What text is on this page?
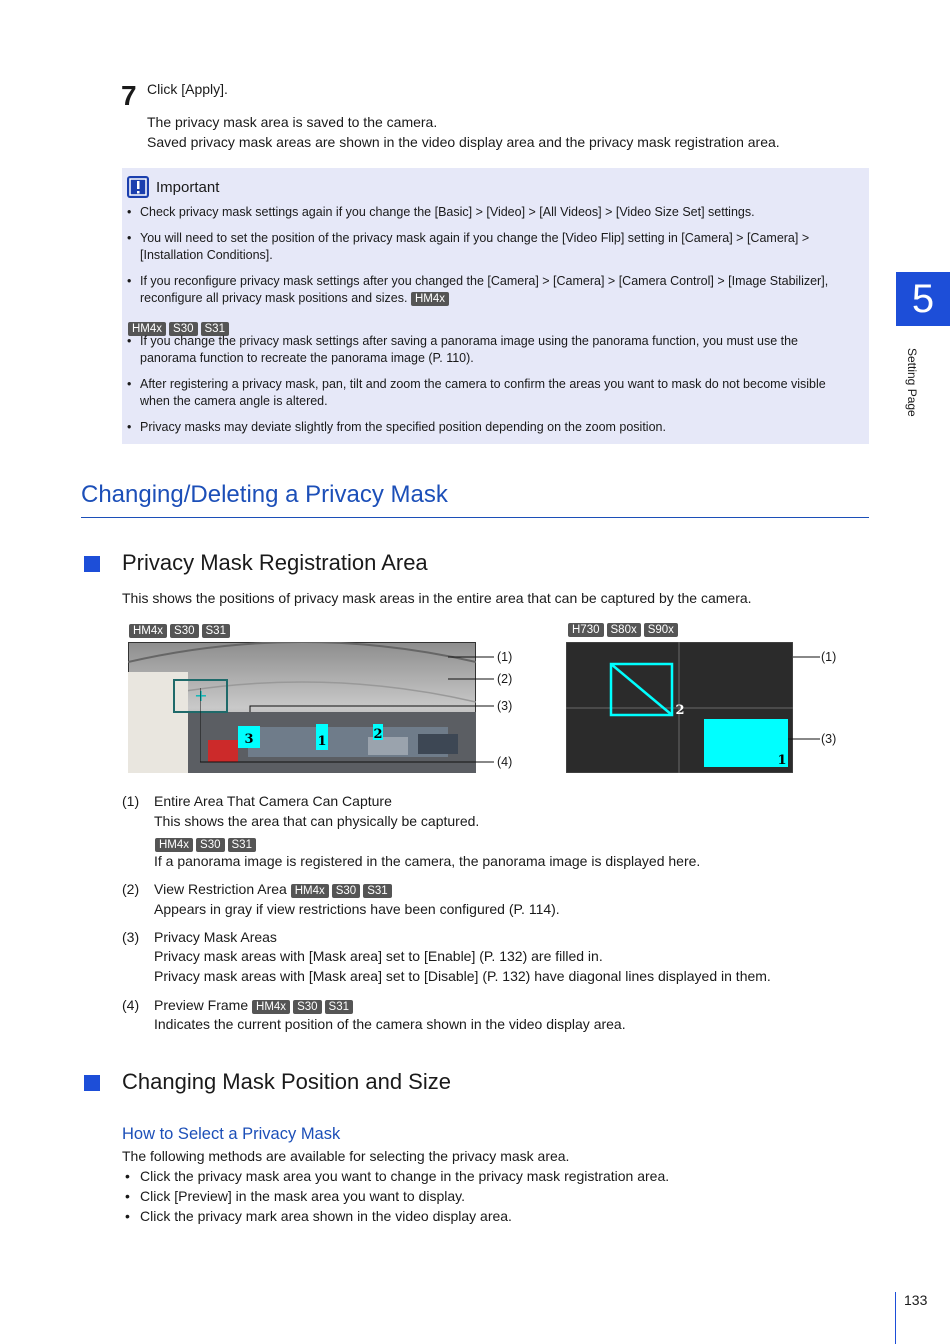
7 Click [Apply].
The privacy mask area is saved to the camera.
Saved privacy mask areas are shown in the video display area and the privacy mask registration area.
Important
• Check privacy mask settings again if you change the [Basic] > [Video] > [All Videos] > [Video Size Set] settings.
• You will need to set the position of the privacy mask again if you change the [Video Flip] setting in [Camera] > [Camera] >
[Installation Conditions].
• If you reconfigure privacy mask settings after you changed the [Camera] > [Camera] > [Camera Control] > [Image Stabilizer],
reconfigure all privacy mask positions and sizes. HM4x
HM4x S30 S31
• If you change the privacy mask settings after saving a panorama image using the panorama function, you must use the
panorama function to recreate the panorama image (P. 110).
• After registering a privacy mask, pan, tilt and zoom the camera to confirm the areas you want to mask do not become visible
when the camera angle is altered.
• Privacy masks may deviate slightly from the specified position depending on the zoom position.
Changing/Deleting a Privacy Mask
Privacy Mask Registration Area
This shows the positions of privacy mask areas in the entire area that can be captured by the camera.
HM4x S30 S31	H730 S80x S90x
+
3	1	2
(1)
(2)
(3)
(4)
2
1
(1)
(3)
(1) Entire Area That Camera Can Capture
This shows the area that can physically be captured.
HM4x S30 S31
If a panorama image is registered in the camera, the panorama image is displayed here.
(2) View Restriction Area HM4x S30 S31
Appears in gray if view restrictions have been configured (P. 114).
(3) Privacy Mask Areas
Privacy mask areas with [Mask area] set to [Enable] (P. 132) are filled in.
Privacy mask areas with [Mask area] set to [Disable] (P. 132) have diagonal lines displayed in them.
(4) Preview Frame HM4x S30 S31
Indicates the current position of the camera shown in the video display area.
Changing Mask Position and Size
How to Select a Privacy Mask
The following methods are available for selecting the privacy mask area.
• Click the privacy mask area you want to change in the privacy mask registration area.
• Click [Preview] in the mask area you want to display.
• Click the privacy mark area shown in the video display area.
5
Setting Page
133
